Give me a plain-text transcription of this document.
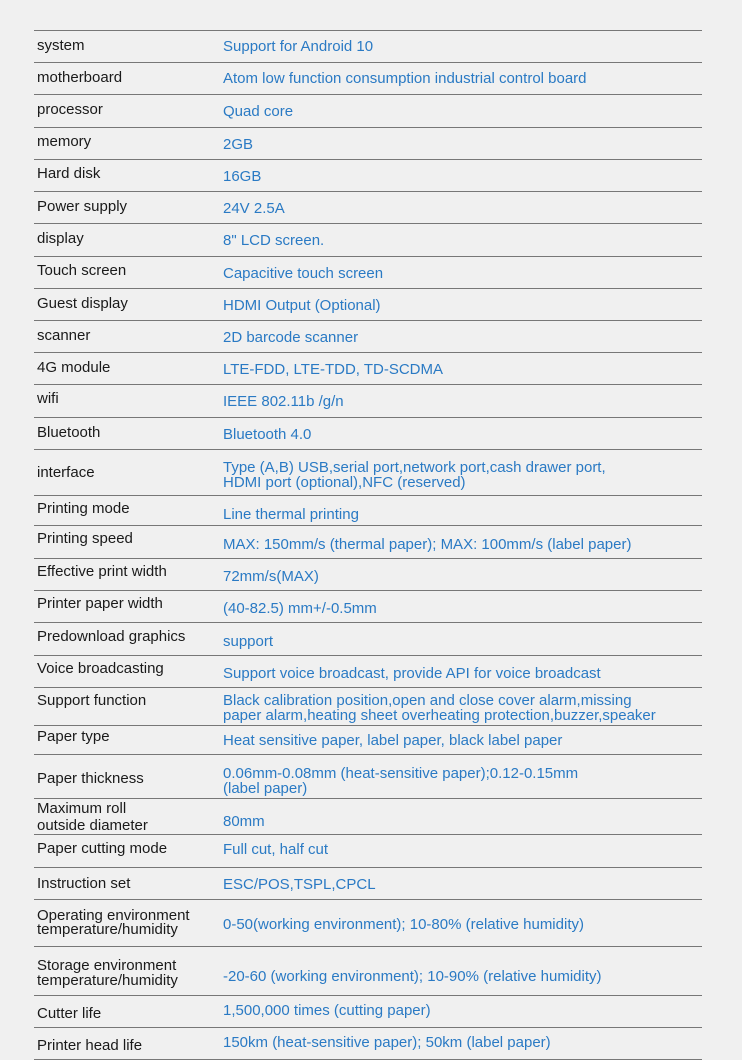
system	Support for Android 10
motherboard	Atom low function consumption industrial control board
processor	Quad core
memory	2GB
Hard disk	16GB
Power supply	24V 2.5A
display	8" LCD screen.
Touch screen	Capacitive touch screen
Guest display	HDMI Output (Optional)
scanner	2D barcode scanner
4G module	LTE-FDD, LTE-TDD, TD-SCDMA
wifi	IEEE 802.11b /g/n
Bluetooth	Bluetooth 4.0
interface	Type (A,B) USB,serial port,network port,cash drawer port,
HDMI port (optional),NFC (reserved)
Printing mode	Line thermal printing
Printing speed	MAX: 150mm/s (thermal paper); MAX: 100mm/s (label paper)
Effective print width	72mm/s(MAX)
Printer paper width	(40-82.5) mm+/-0.5mm
Predownload graphics	support
Voice broadcasting	Support voice broadcast, provide API for voice broadcast
Support function	Black calibration position,open and close cover alarm,missing
paper alarm,heating sheet overheating protection,buzzer,speaker
Paper type	Heat sensitive paper, label paper, black label paper
Paper thickness	0.06mm-0.08mm (heat-sensitive paper);0.12-0.15mm
(label paper)
Maximum roll
outside diameter	80mm
Paper cutting mode	Full cut, half cut
Instruction set	ESC/POS,TSPL,CPCL
Operating environment
temperature/humidity	0-50(working environment); 10-80% (relative humidity)
Storage environment
temperature/humidity	-20-60 (working environment); 10-90% (relative humidity)
Cutter life	1,500,000 times (cutting paper)
Printer head life	150km (heat-sensitive paper); 50km (label paper)
